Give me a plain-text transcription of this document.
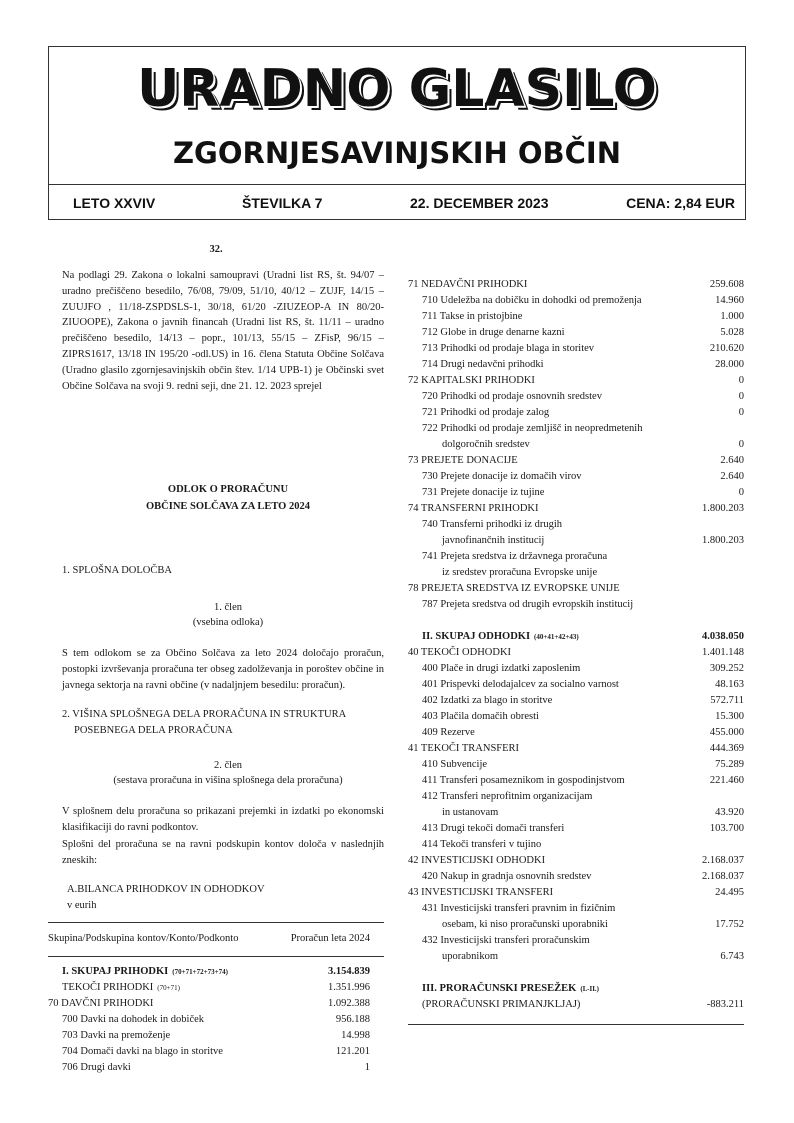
URADNO GLASILO
ZGORNJESAVINJSKIH OBČIN
LETO XXVIV	ŠTEVILKA 7	22. DECEMBER 2023	CENA: 2,84 EUR
32.

Na podlagi 29. Zakona o lokalni samoupravi (Uradni list RS, št. 94/07 – uradno prečiščeno besedilo, 76/08, 79/09, 51/10, 40/12 – ZUJF, 14/15 – ZUUJFO , 11/18-ZSPDSLS-1, 30/18, 61/20 -ZIUZEOP-A IN 80/20-ZIUOOPE), Zakona o javnih financah (Uradni list RS, št. 11/11 – uradno prečiščeno besedilo, 14/13 – popr., 101/13, 55/15 – ZFisP, 96/15 – ZIPRS1617, 13/18 IN 195/20 -odl.US) in 16. člena Statuta Občine Solčava (Uradno glasilo zgornjesavinjskih občin štev. 1/14 UPB-1) je Občinski svet Občine Solčava na svoji 9. redni seji, dne 21. 12. 2023 sprejel

ODLOK O PRORAČUNU
OBČINE SOLČAVA ZA LETO 2024
1. SPLOŠNA DOLOČBA
1. člen
(vsebina odloka)

S tem odlokom se za Občino Solčava za leto 2024 določajo proračun, postopki izvrševanja proračuna ter obseg zadolževanja in poroštev občine in javnega sektorja na ravni občine (v nadaljnjem besedilu: proračun).

2. VIŠINA SPLOŠNEGA DELA PRORAČUNA IN STRUKTURA
POSEBNEGA DELA PRORAČUNA
2. člen
(sestava proračuna in višina splošnega dela proračuna)

V splošnem delu proračuna so prikazani prejemki in izdatki po ekonomski klasifikaciji do ravni podkontov.

Splošni del proračuna se na ravni podskupin kontov določa v naslednjih zneskih:

A.BILANCA PRIHODKOV IN ODHODKOV
v eurih
Skupina/Podskupina kontov/Konto/Podkonto	Proračun leta 2024
I. SKUPAJ PRIHODKI (70+71+72+73+74)	3.154.839
TEKOČI PRIHODKI (70+71)	1.351.996
70 DAVČNI PRIHODKI	1.092.388
700 Davki na dohodek in dobiček	956.188
703 Davki na premoženje	14.998
704 Domači davki na blago in storitve	121.201
706 Drugi davki	1
71 NEDAVČNI PRIHODKI	259.608
710 Udeležba na dobičku in dohodki od premoženja	14.960
711 Takse in pristojbine	1.000
712 Globe in druge denarne kazni	5.028
713 Prihodki od prodaje blaga in storitev	210.620
714 Drugi nedavčni prihodki	28.000
72 KAPITALSKI PRIHODKI	0
720 Prihodki od prodaje osnovnih sredstev	0
721 Prihodki od prodaje zalog	0
722 Prihodki od prodaje zemljišč in neopredmetenih
dolgoročnih sredstev	0
73 PREJETE DONACIJE	2.640
730 Prejete donacije iz domačih virov	2.640
731 Prejete donacije iz tujine	0
74 TRANSFERNI PRIHODKI	1.800.203
740 Transferni prihodki iz drugih
javnofinančnih institucij	1.800.203
741 Prejeta sredstva iz državnega proračuna
iz sredstev proračuna Evropske unije
78 PREJETA SREDSTVA IZ EVROPSKE UNIJE
787 Prejeta sredstva od drugih evropskih institucij
II. SKUPAJ ODHODKI (40+41+42+43)	4.038.050
40 TEKOČI ODHODKI	1.401.148
400 Plače in drugi izdatki zaposlenim	309.252
401 Prispevki delodajalcev za socialno varnost	48.163
402 Izdatki za blago in storitve	572.711
403 Plačila domačih obresti	15.300
409 Rezerve	455.000
41 TEKOČI TRANSFERI	444.369
410 Subvencije	75.289
411 Transferi posameznikom in gospodinjstvom	221.460
412 Transferi neprofitnim organizacijam
in ustanovam	43.920
413 Drugi tekoči domači transferi	103.700
414 Tekoči transferi v tujino
42 INVESTICIJSKI ODHODKI	2.168.037
420 Nakup in gradnja osnovnih sredstev	2.168.037
43 INVESTICIJSKI TRANSFERI	24.495
431 Investicijski transferi pravnim in fizičnim
osebam, ki niso proračunski uporabniki	17.752
432 Investicijski transferi proračunskim
uporabnikom	6.743
III. PRORAČUNSKI PRESEŽEK (I.-II.)
(PRORAČUNSKI PRIMANJKLJAJ)	-883.211
